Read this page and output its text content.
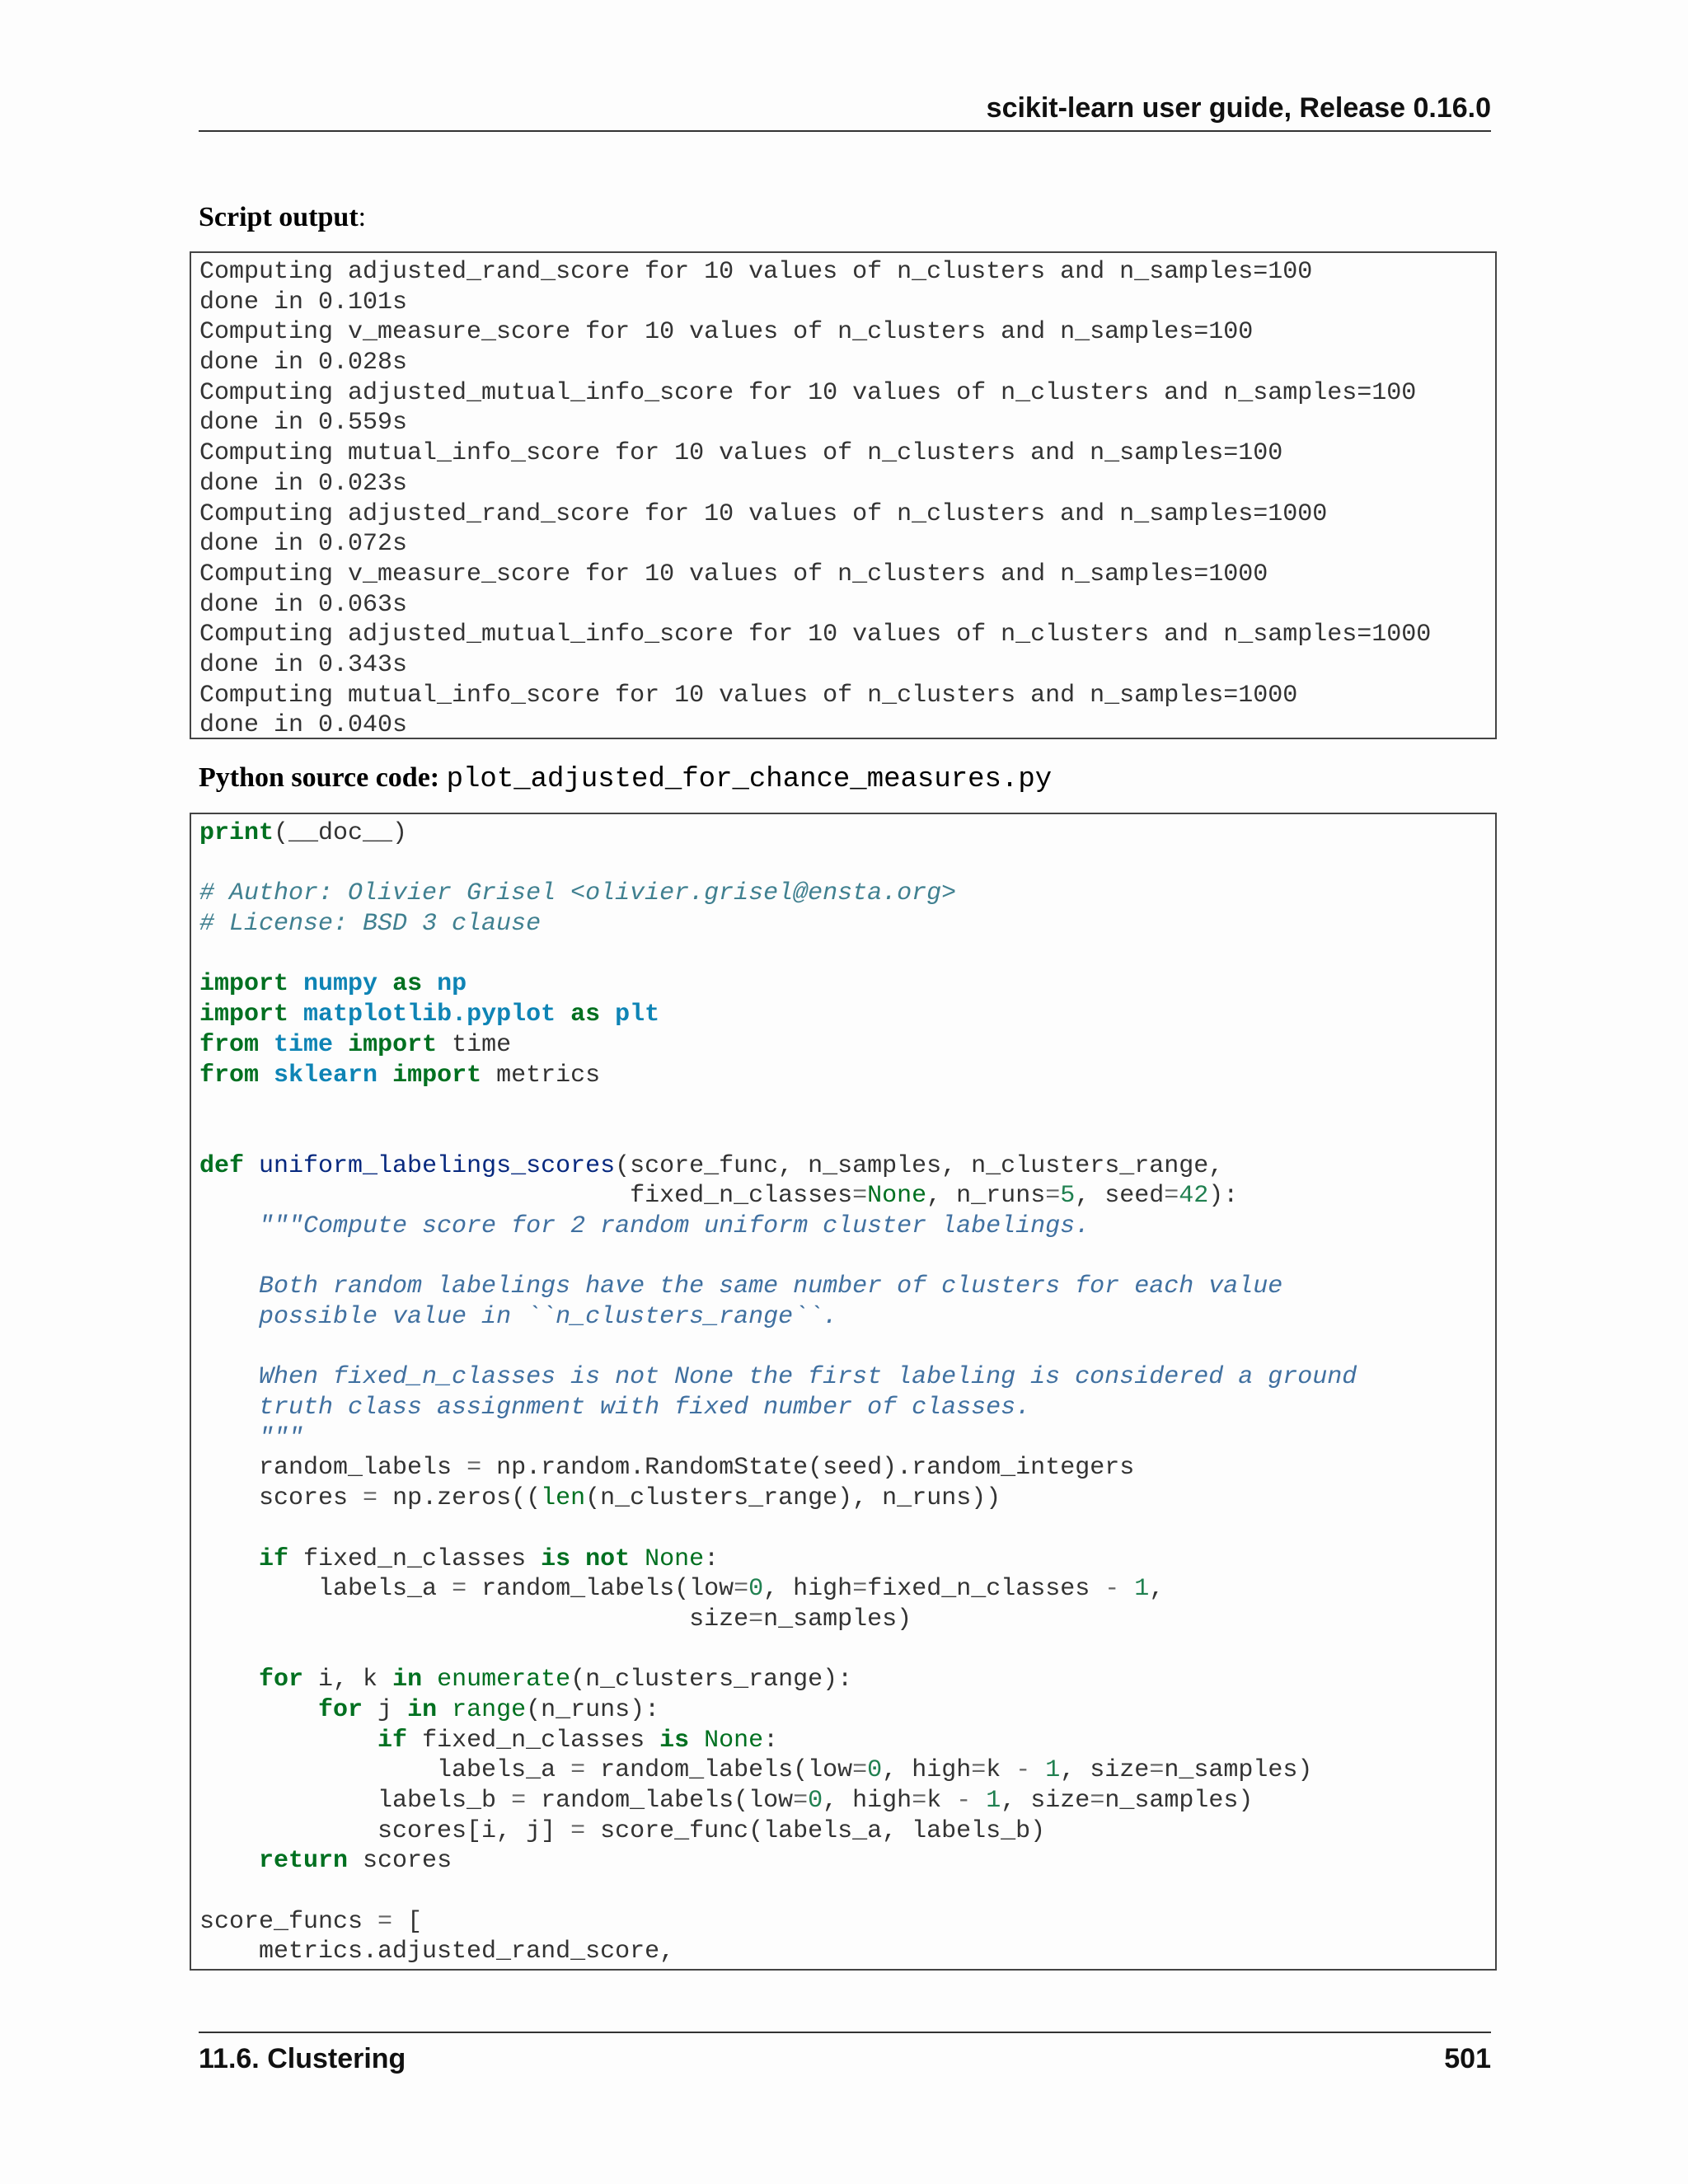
scikit-learn user guide, Release 0.16.0
Script output:
Computing adjusted_rand_score for 10 values of n_clusters and n_samples=100
done in 0.101s
Computing v_measure_score for 10 values of n_clusters and n_samples=100
done in 0.028s
Computing adjusted_mutual_info_score for 10 values of n_clusters and n_samples=100
done in 0.559s
Computing mutual_info_score for 10 values of n_clusters and n_samples=100
done in 0.023s
Computing adjusted_rand_score for 10 values of n_clusters and n_samples=1000
done in 0.072s
Computing v_measure_score for 10 values of n_clusters and n_samples=1000
done in 0.063s
Computing adjusted_mutual_info_score for 10 values of n_clusters and n_samples=1000
done in 0.343s
Computing mutual_info_score for 10 values of n_clusters and n_samples=1000
done in 0.040s
Python source code: plot_adjusted_for_chance_measures.py
print(__doc__)
# Author: Olivier Grisel <olivier.grisel@ensta.org>
# License: BSD 3 clause
import numpy as np
import matplotlib.pyplot as plt
from time import time
from sklearn import metrics
def uniform_labelings_scores(score_func, n_samples, n_clusters_range,
fixed_n_classes=None, n_runs=5, seed=42):
"""Compute score for 2 random uniform cluster labelings.
Both random labelings have the same number of clusters for each value
possible value in ``n_clusters_range``.
When fixed_n_classes is not None the first labeling is considered a ground
truth class assignment with fixed number of classes.
"""
random_labels = np.random.RandomState(seed).random_integers
scores = np.zeros((len(n_clusters_range), n_runs))
if fixed_n_classes is not None:
labels_a = random_labels(low=0, high=fixed_n_classes - 1,
size=n_samples)
for i, k in enumerate(n_clusters_range):
for j in range(n_runs):
if fixed_n_classes is None:
labels_a = random_labels(low=0, high=k - 1, size=n_samples)
labels_b = random_labels(low=0, high=k - 1, size=n_samples)
scores[i, j] = score_func(labels_a, labels_b)
return scores
score_funcs = [
metrics.adjusted_rand_score,
11.6. Clustering	501
